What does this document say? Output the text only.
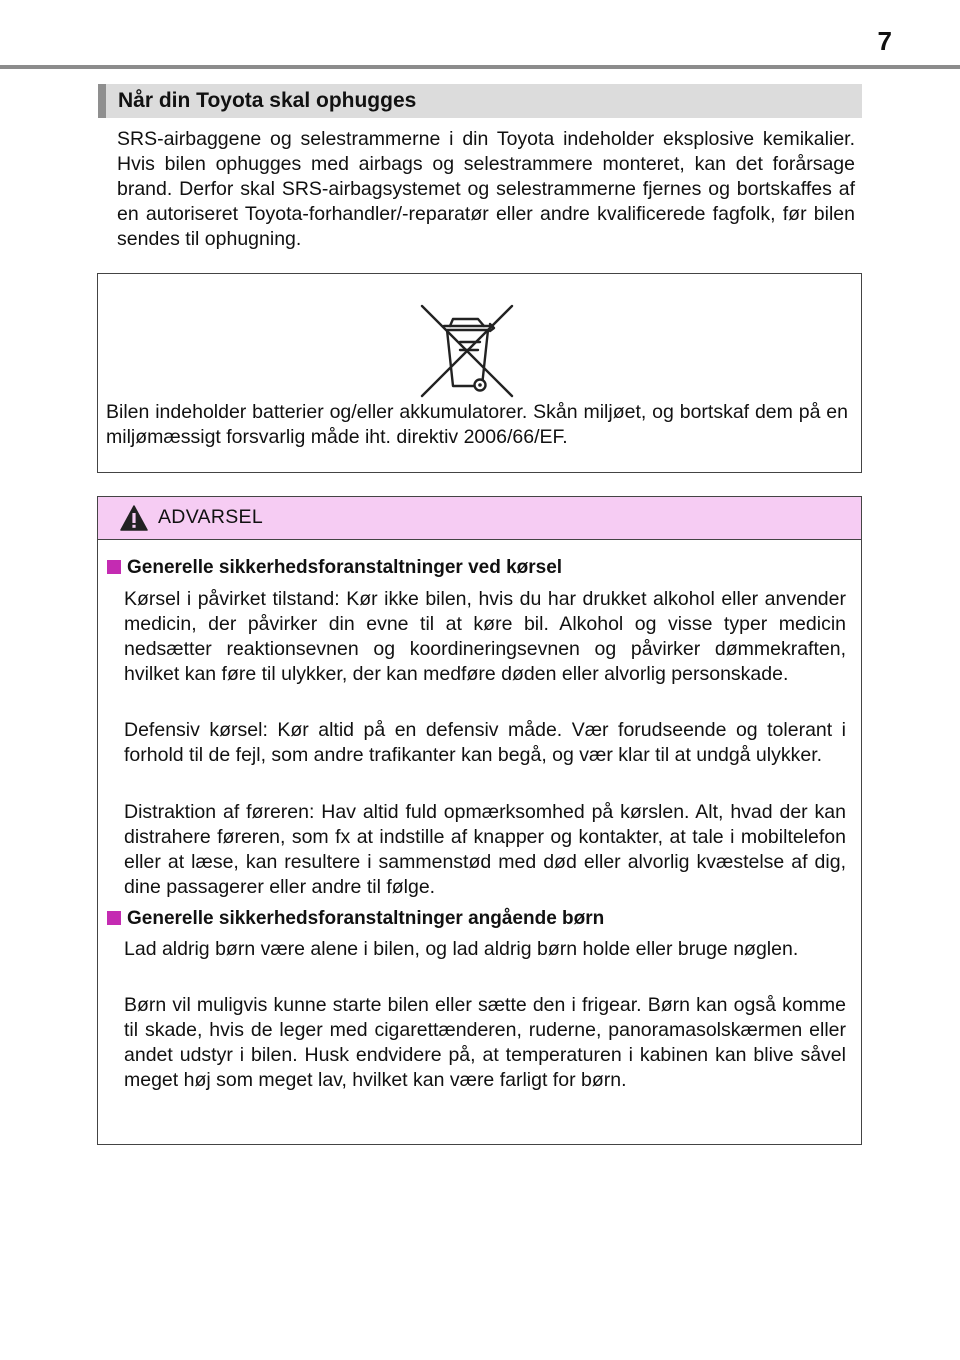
7
Når din Toyota skal ophugges

SRS-airbaggene og selestrammerne i din Toyota indeholder eksplosive kemikalier. Hvis bilen ophugges med airbags og selestrammere monteret, kan det forårsage brand. Derfor skal SRS-airbagsystemet og selestrammerne fjernes og bortskaffes af en autoriseret Toyota-forhandler/-reparatør eller andre kvalificerede fagfolk, før bilen sendes til ophugning.

Bilen indeholder batterier og/eller akkumulatorer. Skån miljøet, og bortskaf dem på en miljømæssigt forsvarlig måde iht. direktiv 2006/66/EF.

ADVARSEL
Generelle sikkerhedsforanstaltninger ved kørsel

Kørsel i påvirket tilstand: Kør ikke bilen, hvis du har drukket alkohol eller anvender medicin, der påvirker din evne til at køre bil. Alkohol og visse typer medicin nedsætter reaktionsevnen og koordineringsevnen og påvirker dømmekraften, hvilket kan føre til ulykker, der kan medføre døden eller alvorlig personskade.

Defensiv kørsel: Kør altid på en defensiv måde. Vær forudseende og tolerant i forhold til de fejl, som andre trafikanter kan begå, og vær klar til at undgå ulykker.

Distraktion af føreren: Hav altid fuld opmærksomhed på kørslen. Alt, hvad der kan distrahere føreren, som fx at indstille af knapper og kontakter, at tale i mobiltelefon eller at læse, kan resultere i sammenstød med død eller alvorlig kvæstelse af dig, dine passagerer eller andre til følge.

Generelle sikkerhedsforanstaltninger angående børn

Lad aldrig børn være alene i bilen, og lad aldrig børn holde eller bruge nøglen.

Børn vil muligvis kunne starte bilen eller sætte den i frigear. Børn kan også komme til skade, hvis de leger med cigarettænderen, ruderne, panoramasolskærmen eller andet udstyr i bilen. Husk endvidere på, at temperaturen i kabinen kan blive såvel meget høj som meget lav, hvilket kan være farligt for børn.
